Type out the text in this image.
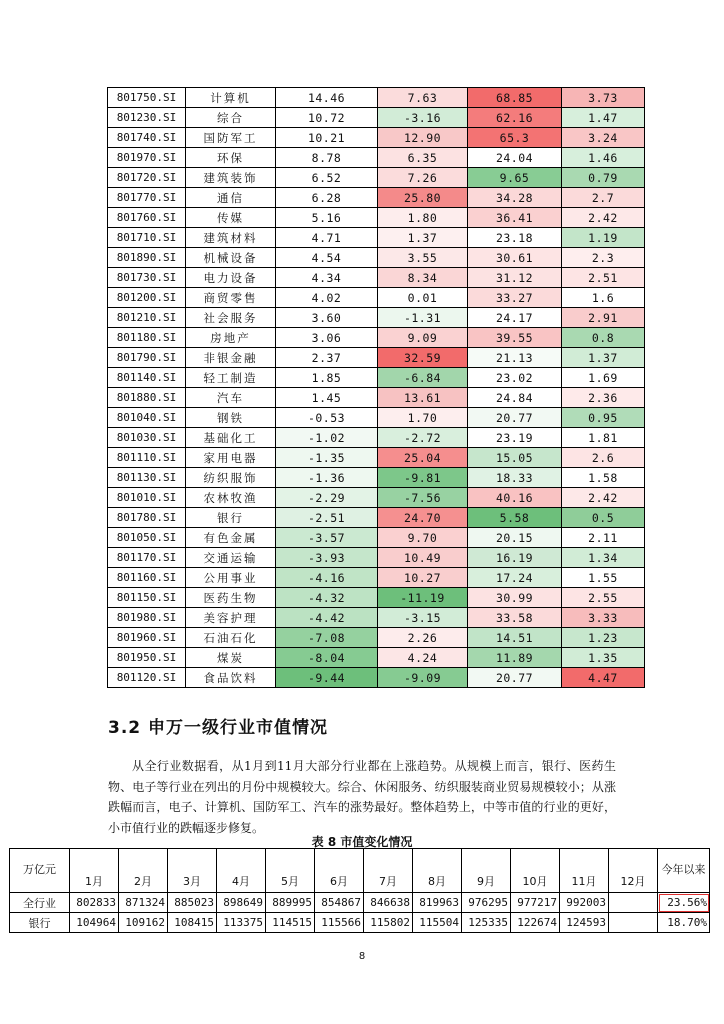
801750.SI	计算机	14.46	7.63	68.85	3.73
801230.SI	综合	10.72	-3.16	62.16	1.47
801740.SI	国防军工	10.21	12.90	65.3	3.24
801970.SI	环保	8.78	6.35	24.04	1.46
801720.SI	建筑装饰	6.52	7.26	9.65	0.79
801770.SI	通信	6.28	25.80	34.28	2.7
801760.SI	传媒	5.16	1.80	36.41	2.42
801710.SI	建筑材料	4.71	1.37	23.18	1.19
801890.SI	机械设备	4.54	3.55	30.61	2.3
801730.SI	电力设备	4.34	8.34	31.12	2.51
801200.SI	商贸零售	4.02	0.01	33.27	1.6
801210.SI	社会服务	3.60	-1.31	24.17	2.91
801180.SI	房地产	3.06	9.09	39.55	0.8
801790.SI	非银金融	2.37	32.59	21.13	1.37
801140.SI	轻工制造	1.85	-6.84	23.02	1.69
801880.SI	汽车	1.45	13.61	24.84	2.36
801040.SI	钢铁	-0.53	1.70	20.77	0.95
801030.SI	基础化工	-1.02	-2.72	23.19	1.81
801110.SI	家用电器	-1.35	25.04	15.05	2.6
801130.SI	纺织服饰	-1.36	-9.81	18.33	1.58
801010.SI	农林牧渔	-2.29	-7.56	40.16	2.42
801780.SI	银行	-2.51	24.70	5.58	0.5
801050.SI	有色金属	-3.57	9.70	20.15	2.11
801170.SI	交通运输	-3.93	10.49	16.19	1.34
801160.SI	公用事业	-4.16	10.27	17.24	1.55
801150.SI	医药生物	-4.32	-11.19	30.99	2.55
801980.SI	美容护理	-4.42	-3.15	33.58	3.33
801960.SI	石油石化	-7.08	2.26	14.51	1.23
801950.SI	煤炭	-8.04	4.24	11.89	1.35
801120.SI	食品饮料	-9.44	-9.09	20.77	4.47
3.2 申万一级行业市值情况
从全行业数据看，从1月到11月大部分行业都在上涨趋势。从规模上而言，银行、医药生物、电子等行业在列出的月份中规模较大。综合、休闲服务、纺织服装商业贸易规模较小；从涨跌幅而言，电子、计算机、国防军工、汽车的涨势最好。整体趋势上，中等市值的行业的更好，小市值行业的跌幅逐步修复。
表 8 市值变化情况
万亿元	1月	2月	3月	4月	5月	6月	7月	8月	9月	10月	11月	12月	今年以来
全行业	802833	871324	885023	898649	889995	854867	846638	819963	976295	977217	992003		23.56%
银行	104964	109162	108415	113375	114515	115566	115802	115504	125335	122674	124593		18.70%
8
